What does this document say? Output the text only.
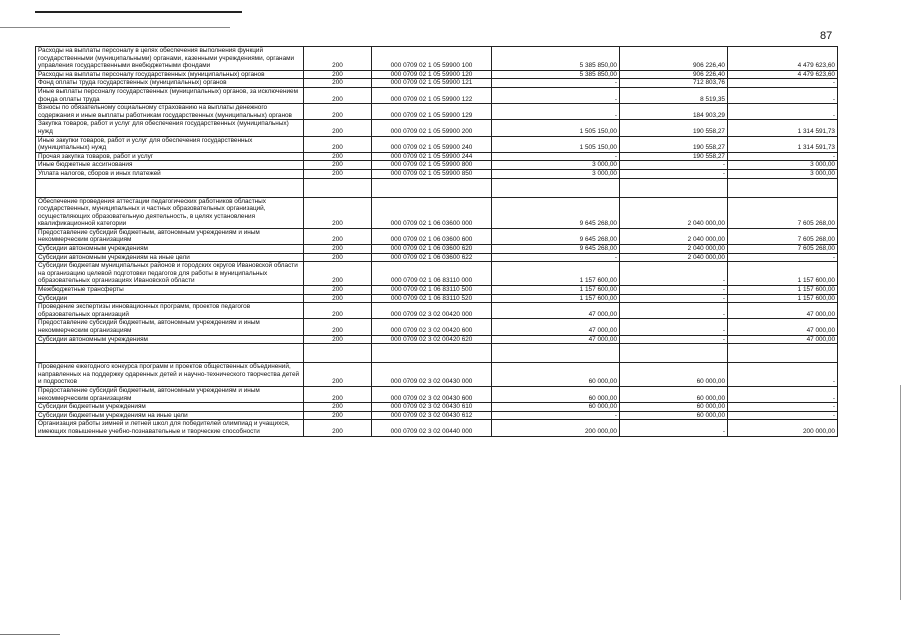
87
Расходы на выплаты персоналу в целях обеспечения выполнения функций государственными (муниципальными) органами, казенными учреждениями, органами управления государственными внебюджетными фондами	200	000 0709 02 1 05 59900 100	5 385 850,00	906 226,40	4 479 623,60
Расходы на выплаты персоналу государственных (муниципальных) органов	200	000 0709 02 1 05 59900 120	5 385 850,00	906 226,40	4 479 623,60
Фонд оплаты труда государственных (муниципальных) органов	200	000 0709 02 1 05 59900 121	-	712 803,76	-
Иные выплаты персоналу государственных (муниципальных) органов, за исключением фонда оплаты труда	200	000 0709 02 1 05 59900 122	-	8 519,35	-
Взносы по обязательному социальному страхованию на выплаты денежного содержания и иные выплаты работникам государственных (муниципальных) органов	200	000 0709 02 1 05 59900 129	-	184 903,29	-
Закупка товаров, работ и услуг для обеспечения государственных (муниципальных) нужд	200	000 0709 02 1 05 59900 200	1 505 150,00	190 558,27	1 314 591,73
Иные закупки товаров, работ и услуг для обеспечения государственных (муниципальных) нужд	200	000 0709 02 1 05 59900 240	1 505 150,00	190 558,27	1 314 591,73
Прочая закупка товаров, работ и услуг	200	000 0709 02 1 05 59900 244	-	190 558,27	-
Иные бюджетные ассигнования	200	000 0709 02 1 05 59900 800	3 000,00	-	3 000,00
Уплата налогов, сборов и иных платежей	200	000 0709 02 1 05 59900 850	3 000,00	-	3 000,00

Обеспечение проведения аттестации педагогических работников областных государственных, муниципальных и частных образовательных организаций, осуществляющих образовательную деятельность, в целях установления квалификационной категории	200	000 0709 02 1 06 03600 000	9 645 268,00	2 040 000,00	7 605 268,00
Предоставление субсидий бюджетным, автономным учреждениям и иным некоммерческим организациям	200	000 0709 02 1 06 03600 600	9 645 268,00	2 040 000,00	7 605 268,00
Субсидии автономным учреждениям	200	000 0709 02 1 06 03600 620	9 645 268,00	2 040 000,00	7 605 268,00
Субсидии автономным учреждениям на иные цели	200	000 0709 02 1 06 03600 622	-	2 040 000,00	-
Субсидии бюджетам муниципальных районов и городских округов Ивановской области на организацию целевой подготовки педагогов для работы в муниципальных образовательных организациях Ивановской области	200	000 0709 02 1 06 83110 000	1 157 600,00	-	1 157 600,00
Межбюджетные трансферты	200	000 0709 02 1 06 83110 500	1 157 600,00	-	1 157 600,00
Субсидии	200	000 0709 02 1 06 83110 520	1 157 600,00	-	1 157 600,00
Проведение экспертизы инновационных программ, проектов педагогов образовательных организаций	200	000 0709 02 3 02 00420 000	47 000,00	-	47 000,00
Предоставление субсидий бюджетным, автономным учреждениям и иным некоммерческим организациям	200	000 0709 02 3 02 00420 600	47 000,00	-	47 000,00
Субсидии автономным учреждениям	200	000 0709 02 3 02 00420 620	47 000,00	-	47 000,00

Проведение ежегодного конкурса программ и проектов общественных объединений, направленных на поддержку одаренных детей и научно-технического творчества детей и подростков	200	000 0709 02 3 02 00430 000	60 000,00	60 000,00	-
Предоставление субсидий бюджетным, автономным учреждениям и иным некоммерческим организациям	200	000 0709 02 3 02 00430 600	60 000,00	60 000,00	-
Субсидии бюджетным учреждениям	200	000 0709 02 3 02 00430 610	60 000,00	60 000,00	-
Субсидии бюджетным учреждениям на иные цели	200	000 0709 02 3 02 00430 612	-	60 000,00	-
Организация работы зимней и летней школ для победителей олимпиад и учащихся, имеющих повышенные учебно-познавательные и творческие способности	200	000 0709 02 3 02 00440 000	200 000,00	-	200 000,00
